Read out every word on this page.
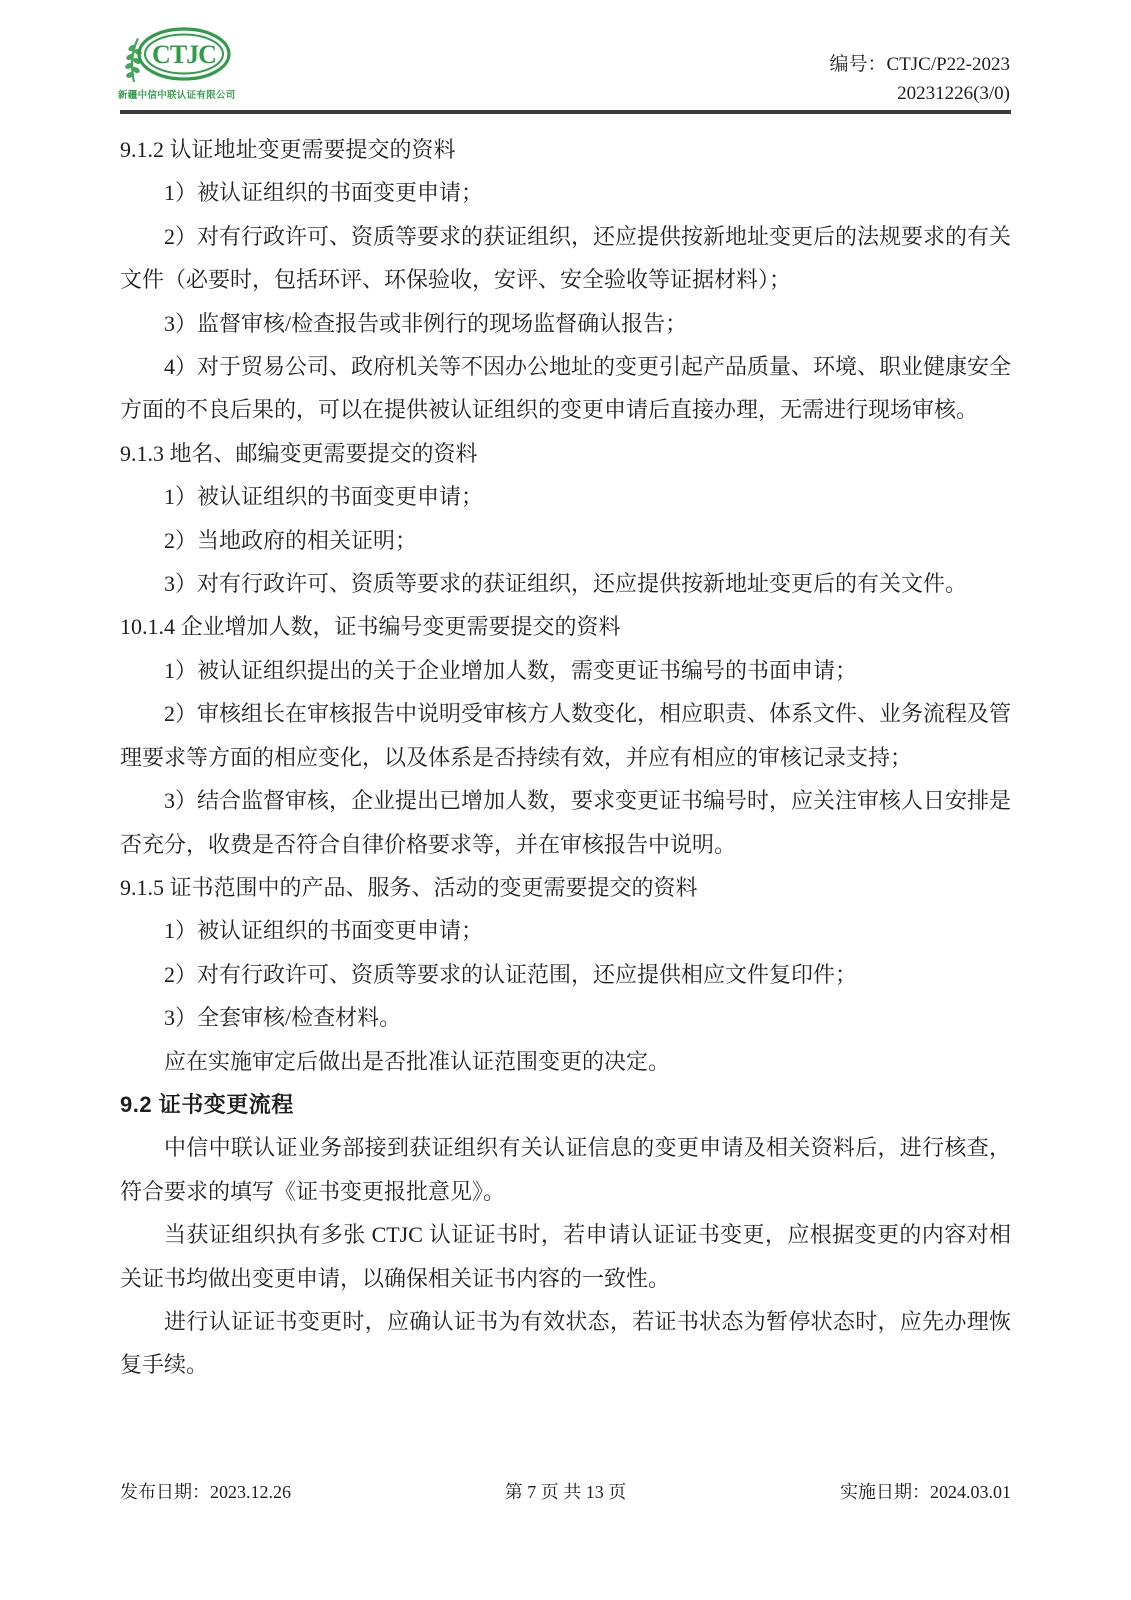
CTJC
新疆中信中联认证有限公司
编号：CTJC/P22-2023
20231226(3/0)

9.1.2 认证地址变更需要提交的资料

1）被认证组织的书面变更申请；

2）对有行政许可、资质等要求的获证组织，还应提供按新地址变更后的法规要求的有关文件（必要时，包括环评、环保验收，安评、安全验收等证据材料）；

3）监督审核/检查报告或非例行的现场监督确认报告；

4）对于贸易公司、政府机关等不因办公地址的变更引起产品质量、环境、职业健康安全方面的不良后果的，可以在提供被认证组织的变更申请后直接办理，无需进行现场审核。

9.1.3 地名、邮编变更需要提交的资料

1）被认证组织的书面变更申请；

2）当地政府的相关证明；

3）对有行政许可、资质等要求的获证组织，还应提供按新地址变更后的有关文件。

10.1.4 企业增加人数，证书编号变更需要提交的资料

1）被认证组织提出的关于企业增加人数，需变更证书编号的书面申请；

2）审核组长在审核报告中说明受审核方人数变化，相应职责、体系文件、业务流程及管理要求等方面的相应变化，以及体系是否持续有效，并应有相应的审核记录支持；

3）结合监督审核，企业提出已增加人数，要求变更证书编号时，应关注审核人日安排是否充分，收费是否符合自律价格要求等，并在审核报告中说明。

9.1.5 证书范围中的产品、服务、活动的变更需要提交的资料

1）被认证组织的书面变更申请；

2）对有行政许可、资质等要求的认证范围，还应提供相应文件复印件；

3）全套审核/检查材料。

应在实施审定后做出是否批准认证范围变更的决定。

9.2 证书变更流程

中信中联认证业务部接到获证组织有关认证信息的变更申请及相关资料后，进行核查，符合要求的填写《证书变更报批意见》。

当获证组织执有多张 CTJC 认证证书时，若申请认证证书变更，应根据变更的内容对相关证书均做出变更申请，以确保相关证书内容的一致性。

进行认证证书变更时，应确认证书为有效状态，若证书状态为暂停状态时，应先办理恢复手续。

发布日期：2023.12.26	第 7 页 共 13 页	实施日期：2024.03.01
